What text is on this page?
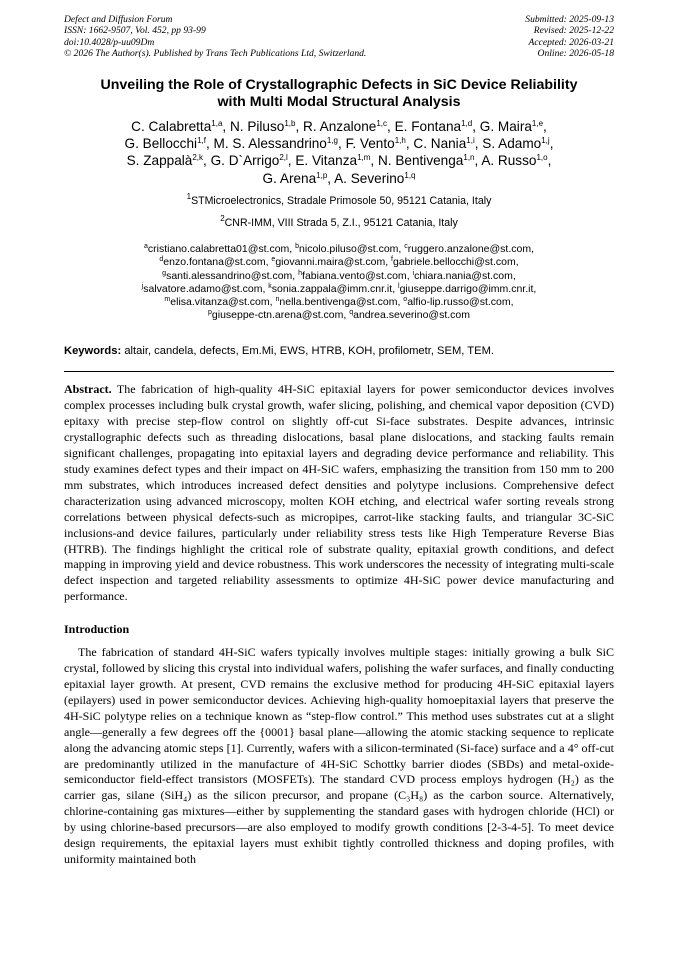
Defect and Diffusion Forum
ISSN: 1662-9507, Vol. 452, pp 93-99
doi:10.4028/p-uu09Dm
© 2026 The Author(s). Published by Trans Tech Publications Ltd, Switzerland.
Submitted: 2025-09-13
Revised: 2025-12-22
Accepted: 2026-03-21
Online: 2026-05-18
Unveiling the Role of Crystallographic Defects in SiC Device Reliability
with Multi Modal Structural Analysis
C. Calabretta$^{1,a}$, N. Piluso$^{1,b}$, R. Anzalone$^{1,c}$, E. Fontana$^{1,d}$, G. Maira$^{1,e}$,
G. Bellocchi$^{1,f}$, M. S. Alessandrino$^{1,g}$, F. Vento$^{1,h}$, C. Nania$^{1,i}$, S. Adamo$^{1,j}$,
S. Zappalà$^{2,k}$, G. D`Arrigo$^{2,l}$, E. Vitanza$^{1,m}$, N. Bentivenga$^{1,n}$, A. Russo$^{1,o}$,
G. Arena$^{1,p}$, A. Severino$^{1,q}$
$^1$STMicroelectronics, Stradale Primosole 50, 95121 Catania, Italy
$^2$CNR-IMM, VIII Strada 5, Z.I., 95121 Catania, Italy
$^a$cristiano.calabretta01@st.com, $^b$nicolo.piluso@st.com, $^c$ruggero.anzalone@st.com,
$^d$enzo.fontana@st.com, $^e$giovanni.maira@st.com, $^f$gabriele.bellocchi@st.com,
$^g$santi.alessandrino@st.com, $^h$fabiana.vento@st.com, $^i$chiara.nania@st.com,
$^j$salvatore.adamo@st.com, $^k$sonia.zappala@imm.cnr.it, $^l$giuseppe.darrigo@imm.cnr.it,
$^m$elisa.vitanza@st.com, $^n$nella.bentivenga@st.com, $^o$alfio-lip.russo@st.com,
$^p$giuseppe-ctn.arena@st.com, $^q$andrea.severino@st.com
Keywords: altair, candela, defects, Em.Mi, EWS, HTRB, KOH, profilometr, SEM, TEM.
Abstract. The fabrication of high-quality 4H-SiC epitaxial layers for power semiconductor devices involves complex processes including bulk crystal growth, wafer slicing, polishing, and chemical vapor deposition (CVD) epitaxy with precise step-flow control on slightly off-cut Si-face substrates. Despite advances, intrinsic crystallographic defects such as threading dislocations, basal plane dislocations, and stacking faults remain significant challenges, propagating into epitaxial layers and degrading device performance and reliability. This study examines defect types and their impact on 4H-SiC wafers, emphasizing the transition from 150 mm to 200 mm substrates, which introduces increased defect densities and polytype inclusions. Comprehensive defect characterization using advanced microscopy, molten KOH etching, and electrical wafer sorting reveals strong correlations between physical defects-such as micropipes, carrot-like stacking faults, and triangular 3C-SiC inclusions-and device failures, particularly under reliability stress tests like High Temperature Reverse Bias (HTRB). The findings highlight the critical role of substrate quality, epitaxial growth conditions, and defect mapping in improving yield and device robustness. This work underscores the necessity of integrating multi-scale defect inspection and targeted reliability assessments to optimize 4H-SiC power device manufacturing and performance.
Introduction
The fabrication of standard 4H-SiC wafers typically involves multiple stages: initially growing a bulk SiC crystal, followed by slicing this crystal into individual wafers, polishing the wafer surfaces, and finally conducting epitaxial layer growth. At present, CVD remains the exclusive method for producing 4H-SiC epitaxial layers (epilayers) used in power semiconductor devices. Achieving high-quality homoepitaxial layers that preserve the 4H-SiC polytype relies on a technique known as “step-flow control.” This method uses substrates cut at a slight angle—generally a few degrees off the {0001} basal plane—allowing the atomic stacking sequence to replicate along the advancing atomic steps [1]. Currently, wafers with a silicon-terminated (Si-face) surface and a 4° off-cut are predominantly utilized in the manufacture of 4H-SiC Schottky barrier diodes (SBDs) and metal-oxide-semiconductor field-effect transistors (MOSFETs). The standard CVD process employs hydrogen (H₂) as the carrier gas, silane (SiH₄) as the silicon precursor, and propane (C₃H₈) as the carbon source. Alternatively, chlorine-containing gas mixtures—either by supplementing the standard gases with hydrogen chloride (HCl) or by using chlorine-based precursors—are also employed to modify growth conditions [2-3-4-5]. To meet device design requirements, the epitaxial layers must exhibit tightly controlled thickness and doping profiles, with uniformity maintained both
